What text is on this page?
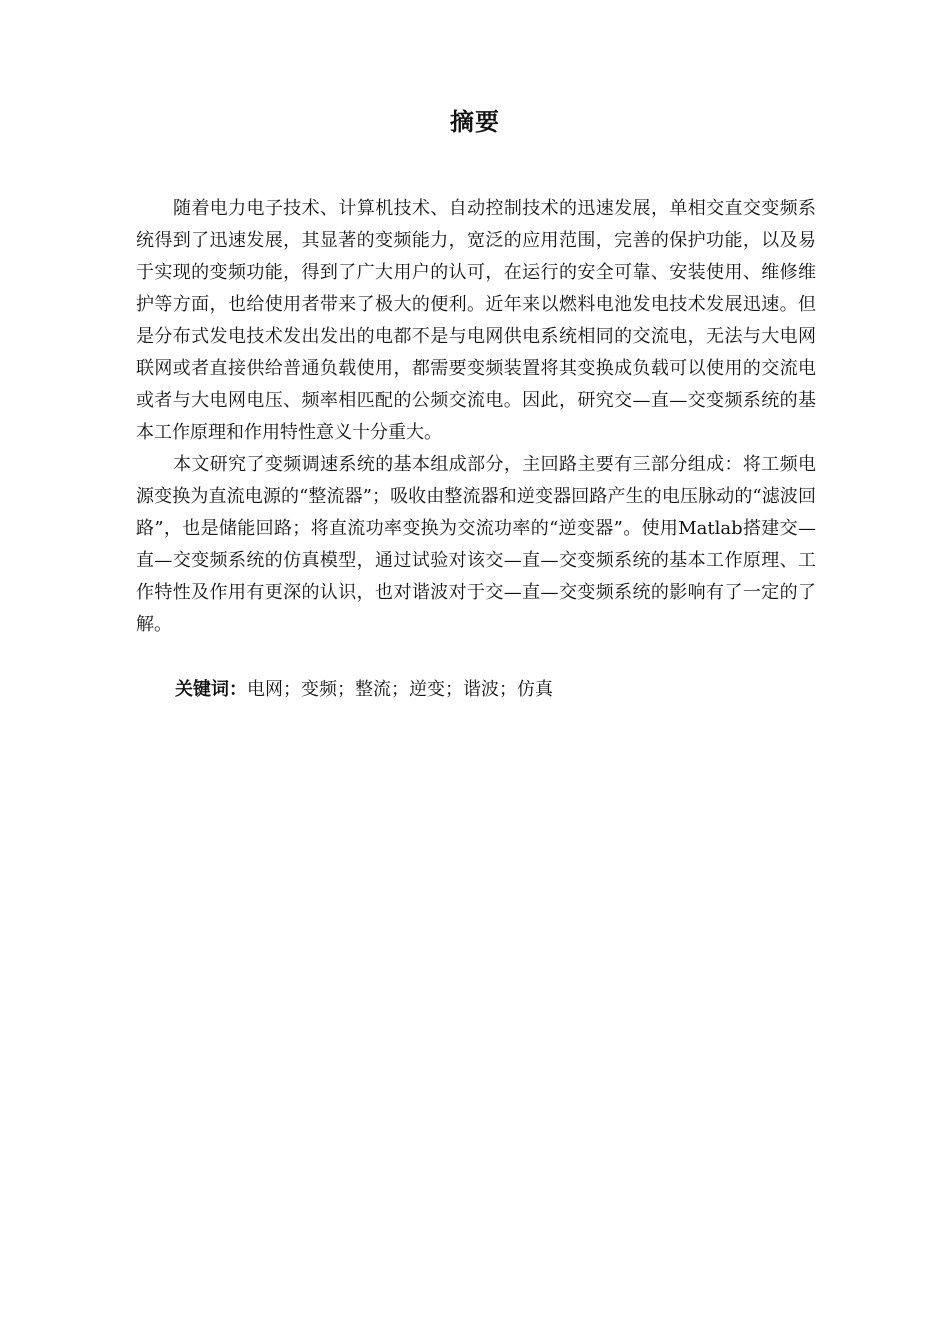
摘要

随着电力电子技术、计算机技术、自动控制技术的迅速发展，单相交直交变频系统得到了迅速发展，其显著的变频能力，宽泛的应用范围，完善的保护功能，以及易于实现的变频功能，得到了广大用户的认可，在运行的安全可靠、安装使用、维修维护等方面，也给使用者带来了极大的便利。近年来以燃料电池发电技术发展迅速。但是分布式发电技术发出发出的电都不是与电网供电系统相同的交流电，无法与大电网联网或者直接供给普通负载使用，都需要变频装置将其变换成负载可以使用的交流电或者与大电网电压、频率相匹配的公频交流电。因此，研究交—直—交变频系统的基本工作原理和作用特性意义十分重大。

本文研究了变频调速系统的基本组成部分，主回路主要有三部分组成：将工频电源变换为直流电源的“整流器”；吸收由整流器和逆变器回路产生的电压脉动的“滤波回路”，也是储能回路；将直流功率变换为交流功率的“逆变器”。使用Matlab搭建交—直—交变频系统的仿真模型，通过试验对该交—直—交变频系统的基本工作原理、工作特性及作用有更深的认识，也对谐波对于交—直—交变频系统的影响有了一定的了解。

关键词：电网；变频；整流；逆变；谐波；仿真
